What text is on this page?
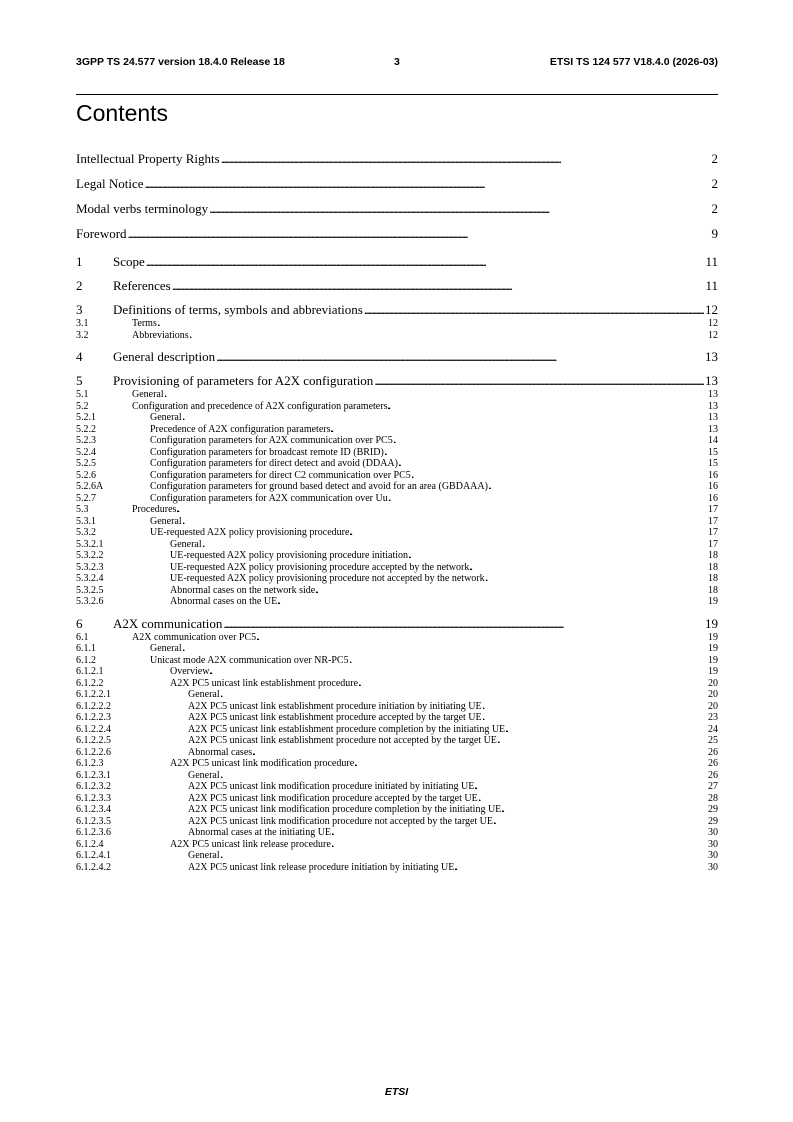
3GPP TS 24.577 version 18.4.0 Release 18	3	ETSI TS 124 577 V18.4.0 (2026-03)
Contents
Intellectual Property Rights . . .	2
Legal Notice . . .	2
Modal verbs terminology . . .	2
Foreword . . .	9
1	Scope . . .	11
2	References . . .	11
3	Definitions of terms, symbols and abbreviations . . .	12
3.1	Terms . . .	12
3.2	Abbreviations . . .	12
4	General description . . .	13
5	Provisioning of parameters for A2X configuration . . .	13
5.1	General . . .	13
5.2	Configuration and precedence of A2X configuration parameters . . .	13
5.2.1	General . . .	13
5.2.2	Precedence of A2X configuration parameters . . .	13
5.2.3	Configuration parameters for A2X communication over PC5 . . .	14
5.2.4	Configuration parameters for broadcast remote ID (BRID) . . .	15
5.2.5	Configuration parameters for direct detect and avoid (DDAA) . . .	15
5.2.6	Configuration parameters for direct C2 communication over PC5 . . .	16
5.2.6A	Configuration parameters for ground based detect and avoid for an area (GBDAAA) . . .	16
5.2.7	Configuration parameters for A2X communication over Uu . . .	16
5.3	Procedures . . .	17
5.3.1	General . . .	17
5.3.2	UE-requested A2X policy provisioning procedure . . .	17
5.3.2.1	General . . .	17
5.3.2.2	UE-requested A2X policy provisioning procedure initiation . . .	18
5.3.2.3	UE-requested A2X policy provisioning procedure accepted by the network . . .	18
5.3.2.4	UE-requested A2X policy provisioning procedure not accepted by the network . . .	18
5.3.2.5	Abnormal cases on the network side . . .	18
5.3.2.6	Abnormal cases on the UE . . .	19
6	A2X communication . . .	19
6.1	A2X communication over PC5 . . .	19
6.1.1	General . . .	19
6.1.2	Unicast mode A2X communication over NR-PC5 . . .	19
6.1.2.1	Overview . . .	19
6.1.2.2	A2X PC5 unicast link establishment procedure . . .	20
6.1.2.2.1	General . . .	20
6.1.2.2.2	A2X PC5 unicast link establishment procedure initiation by initiating UE . . .	20
6.1.2.2.3	A2X PC5 unicast link establishment procedure accepted by the target UE . . .	23
6.1.2.2.4	A2X PC5 unicast link establishment procedure completion by the initiating UE . . .	24
6.1.2.2.5	A2X PC5 unicast link establishment procedure not accepted by the target UE . . .	25
6.1.2.2.6	Abnormal cases . . .	26
6.1.2.3	A2X PC5 unicast link modification procedure . . .	26
6.1.2.3.1	General . . .	26
6.1.2.3.2	A2X PC5 unicast link modification procedure initiated by initiating UE . . .	27
6.1.2.3.3	A2X PC5 unicast link modification procedure accepted by the target UE . . .	28
6.1.2.3.4	A2X PC5 unicast link modification procedure completion by the initiating UE . . .	29
6.1.2.3.5	A2X PC5 unicast link modification procedure not accepted by the target UE . . .	29
6.1.2.3.6	Abnormal cases at the initiating UE . . .	30
6.1.2.4	A2X PC5 unicast link release procedure . . .	30
6.1.2.4.1	General . . .	30
6.1.2.4.2	A2X PC5 unicast link release procedure initiation by initiating UE . . .	30
ETSI
